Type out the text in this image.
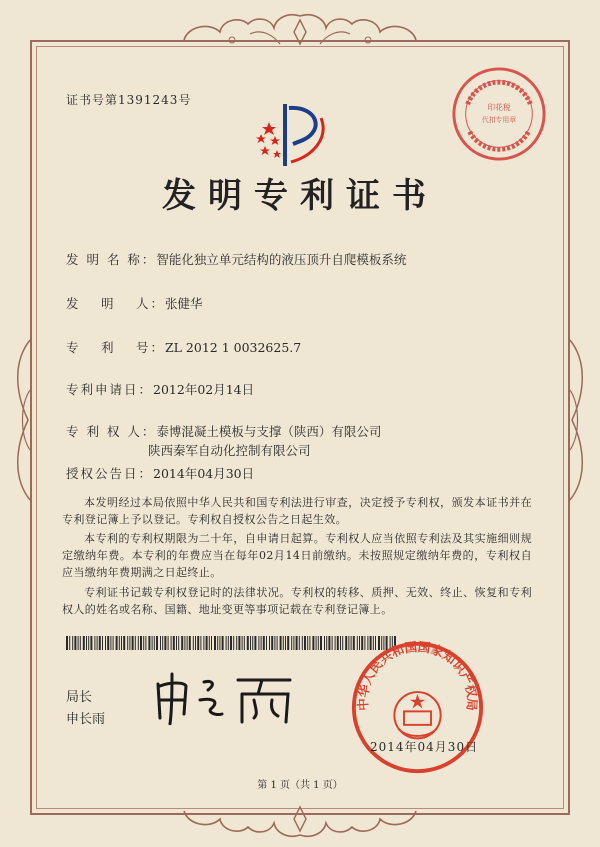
证书号第1391243号
印花税
代扣专用章
发明专利证书
发 明 名 称：智能化独立单元结构的液压顶升自爬模板系统
发　 明　 人：张健华
专　 利　 号：ZL 2012 1 0032625.7
专利申请日：2012年02月14日
专 利 权 人：泰博混凝土模板与支撑（陕西）有限公司
陕西秦军自动化控制有限公司
授权公告日：2014年04月30日
本发明经过本局依照中华人民共和国专利法进行审查，决定授予专利权，颁发本证书并在专利登记簿上予以登记。专利权自授权公告之日起生效。
本专利的专利权期限为二十年，自申请日起算。专利权人应当依照专利法及其实施细则规定缴纳年费。本专利的年费应当在每年02月14日前缴纳。未按照规定缴纳年费的，专利权自应当缴纳年费期满之日起终止。
专利证书记载专利权登记时的法律状况。专利权的转移、质押、无效、终止、恢复和专利权人的姓名或名称、国籍、地址变更等事项记载在专利登记簿上。
局长
申长雨
中华人民共和国国家知识产权局
2014年04月30日
第 1 页（共 1 页）
